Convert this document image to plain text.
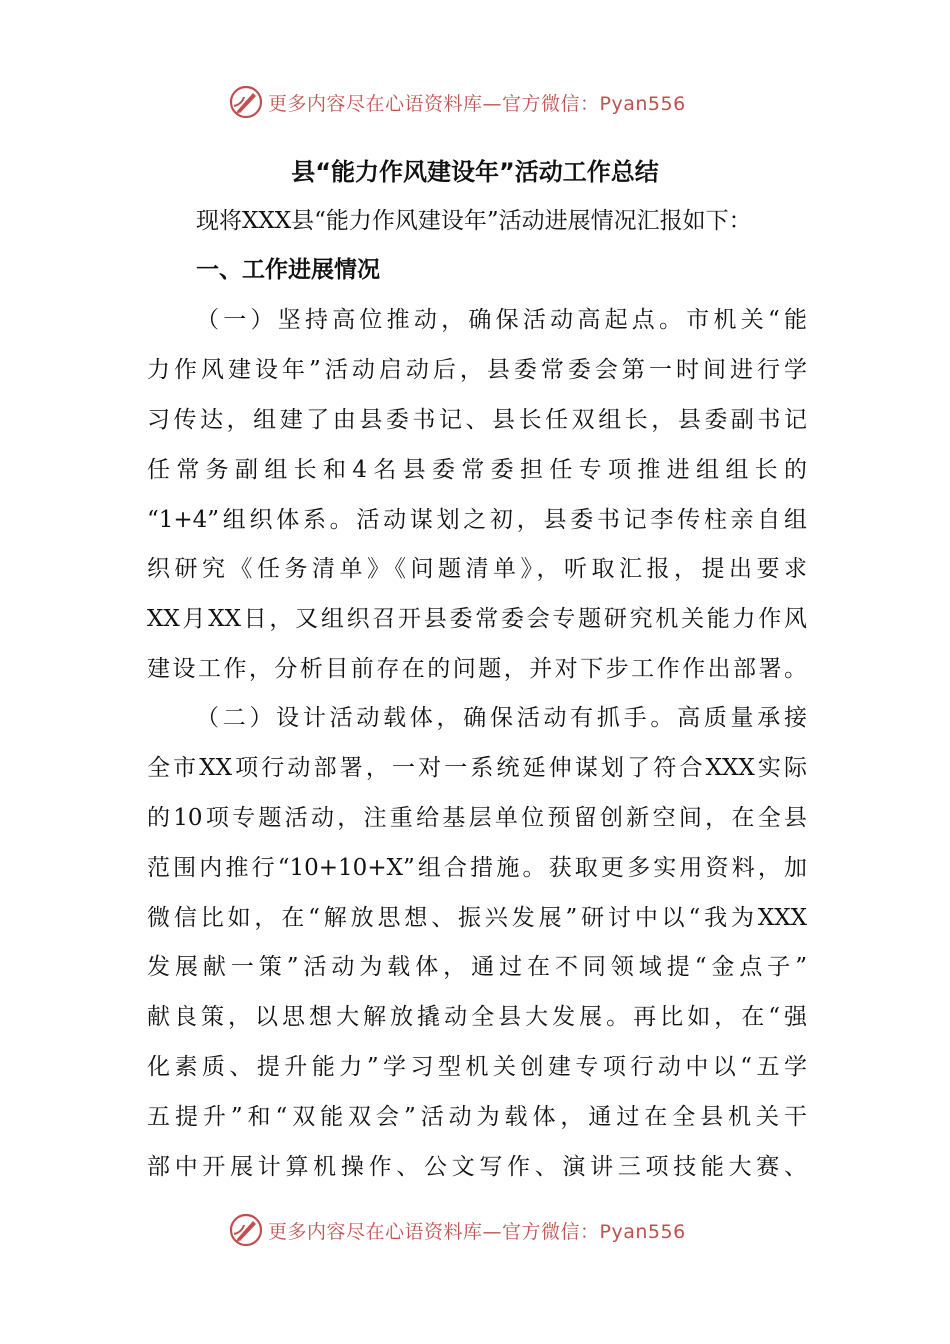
更多内容尽在心语资料库—官方微信：Pyan556
县“能力作风建设年”活动工作总结
现将XXX县“能力作风建设年”活动进展情况汇报如下：
一、工作进展情况
（一）坚持高位推动，确保活动高起点。市机关“能
力作风建设年”活动启动后，县委常委会第一时间进行学
习传达，组建了由县委书记、县长任双组长，县委副书记
任常务副组长和4名县委常委担任专项推进组组长的
“1+4”组织体系。活动谋划之初，县委书记李传柱亲自组
织研究《任务清单》《问题清单》，听取汇报，提出要求
XX月XX日，又组织召开县委常委会专题研究机关能力作风
建设工作，分析目前存在的问题，并对下步工作作出部署。
（二）设计活动载体，确保活动有抓手。高质量承接
全市XX项行动部署，一对一系统延伸谋划了符合XXX实际
的10项专题活动，注重给基层单位预留创新空间，在全县
范围内推行“10+10+X”组合措施。获取更多实用资料，加
微信比如，在“解放思想、振兴发展”研讨中以“我为XXX
发展献一策”活动为载体，通过在不同领域提“金点子”
献良策，以思想大解放撬动全县大发展。再比如，在“强
化素质、提升能力”学习型机关创建专项行动中以“五学
五提升”和“双能双会”活动为载体，通过在全县机关干
部中开展计算机操作、公文写作、演讲三项技能大赛、
更多内容尽在心语资料库—官方微信：Pyan556
